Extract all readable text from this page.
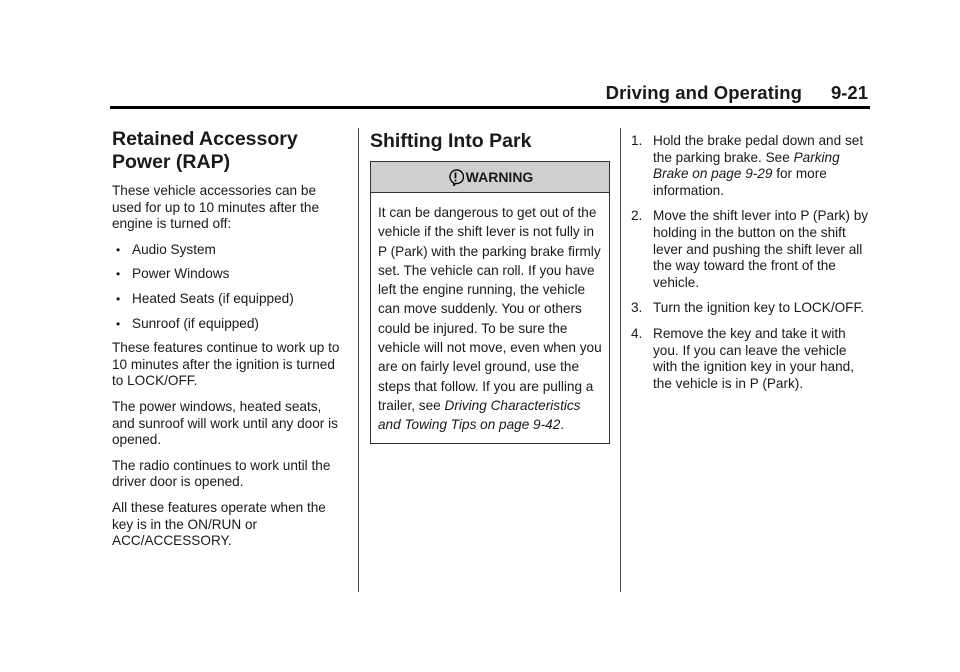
Driving and Operating 9-21
Retained Accessory Power (RAP)

These vehicle accessories can be used for up to 10 minutes after the engine is turned off:

• Audio System
• Power Windows
• Heated Seats (if equipped)
• Sunroof (if equipped)

These features continue to work up to 10 minutes after the ignition is turned to LOCK/OFF.

The power windows, heated seats, and sunroof will work until any door is opened.

The radio continues to work until the driver door is opened.

All these features operate when the key is in the ON/RUN or ACC/ACCESSORY.

Shifting Into Park
WARNING
It can be dangerous to get out of the vehicle if the shift lever is not fully in P (Park) with the parking brake firmly set. The vehicle can roll. If you have left the engine running, the vehicle can move suddenly. You or others could be injured. To be sure the vehicle will not move, even when you are on fairly level ground, use the steps that follow. If you are pulling a trailer, see Driving Characteristics and Towing Tips on page 9-42.
1. Hold the brake pedal down and set the parking brake. See Parking Brake on page 9-29 for more information.
2. Move the shift lever into P (Park) by holding in the button on the shift lever and pushing the shift lever all the way toward the front of the vehicle.
3. Turn the ignition key to LOCK/OFF.
4. Remove the key and take it with you. If you can leave the vehicle with the ignition key in your hand, the vehicle is in P (Park).
